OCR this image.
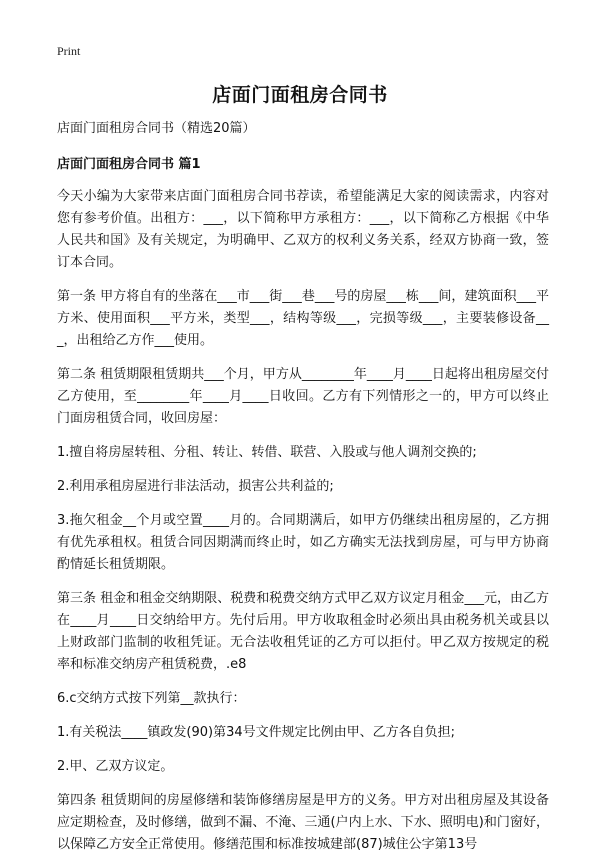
Print
店面门面租房合同书

店面门面租房合同书（精选20篇）

店面门面租房合同书 篇1

今天小编为大家带来店面门面租房合同书荐读，希望能满足大家的阅读需求，内容对您有参考价值。出租方：___，以下简称甲方承租方：___，以下简称乙方根据《中华人民共和国》及有关规定，为明确甲、乙双方的权利义务关系，经双方协商一致，签订本合同。

第一条 甲方将自有的坐落在___市___街___巷___号的房屋___栋___间，建筑面积___平方米、使用面积___平方米，类型___，结构等级___，完损等级___，主要装修设备___，出租给乙方作___使用。

第二条 租赁期限租赁期共___个月，甲方从________年____月____日起将出租房屋交付乙方使用，至________年____月____日收回。乙方有下列情形之一的，甲方可以终止门面房租赁合同，收回房屋：

1.擅自将房屋转租、分租、转让、转借、联营、入股或与他人调剂交换的;

2.利用承租房屋进行非法活动，损害公共利益的;

3.拖欠租金__个月或空置____月的。合同期满后，如甲方仍继续出租房屋的，乙方拥有优先承租权。租赁合同因期满而终止时，如乙方确实无法找到房屋，可与甲方协商酌情延长租赁期限。

第三条 租金和租金交纳期限、税费和税费交纳方式甲乙双方议定月租金___元，由乙方在____月____日交纳给甲方。先付后用。甲方收取租金时必须出具由税务机关或县以上财政部门监制的收租凭证。无合法收租凭证的乙方可以拒付。甲乙双方按规定的税率和标准交纳房产租赁税费，.e8

6.c交纳方式按下列第__款执行：

1.有关税法____镇政发(90)第34号文件规定比例由甲、乙方各自负担;

2.甲、乙双方议定。

第四条 租赁期间的房屋修缮和装饰修缮房屋是甲方的义务。甲方对出租房屋及其设备应定期检查，及时修缮，做到不漏、不淹、三通(户内上水、下水、照明电)和门窗好，以保障乙方安全正常使用。修缮范围和标准按城建部(87)城住公字第13号
